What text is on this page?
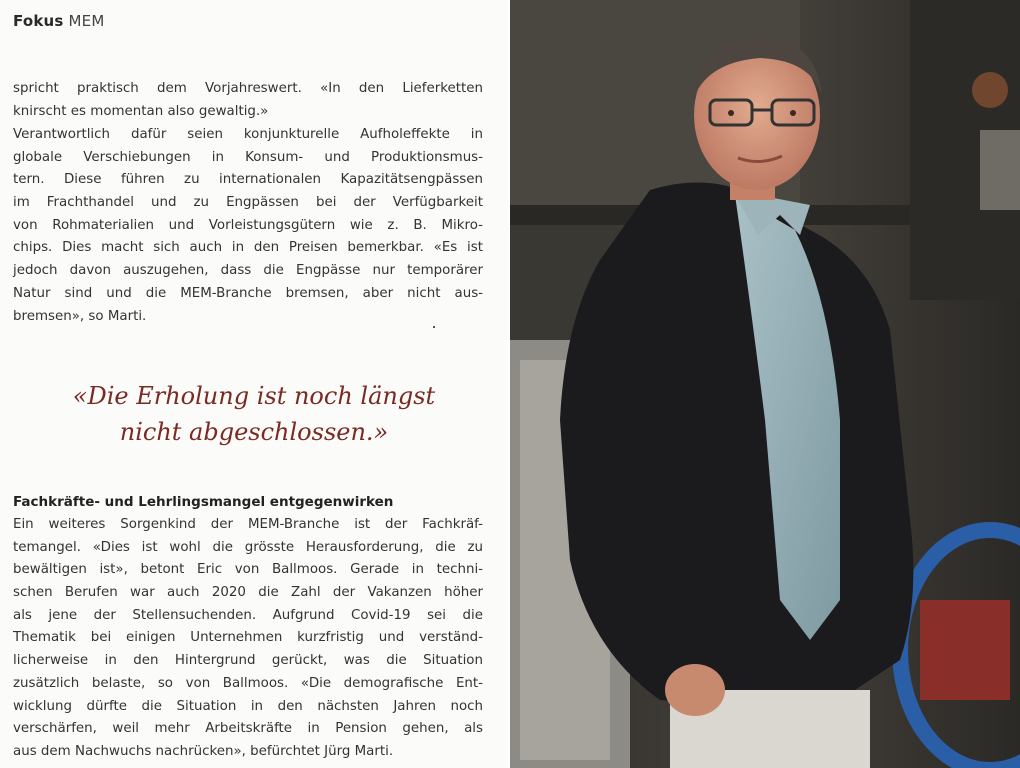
Fokus MEM
spricht praktisch dem Vorjahreswert. «In den Lieferketten
knirscht es momentan also gewaltig.»
Verantwortlich dafür seien konjunkturelle Aufholeffekte in
globale Verschiebungen in Konsum- und Produktionsmus-
tern. Diese führen zu internationalen Kapazitätsengpässen
im Frachthandel und zu Engpässen bei der Verfügbarkeit
von Rohmaterialien und Vorleistungsgütern wie z. B. Mikro-
chips. Dies macht sich auch in den Preisen bemerkbar. «Es ist
jedoch davon auszugehen, dass die Engpässe nur temporärer
Natur sind und die MEM-Branche bremsen, aber nicht aus-
bremsen», so Marti.
«Die Erholung ist noch längst
nicht abgeschlossen.»
Fachkräfte- und Lehrlingsmangel entgegenwirken
Ein weiteres Sorgenkind der MEM-Branche ist der Fachkräf-
temangel. «Dies ist wohl die grösste Herausforderung, die zu
bewältigen ist», betont Eric von Ballmoos. Gerade in techni-
schen Berufen war auch 2020 die Zahl der Vakanzen höher
als jene der Stellensuchenden. Aufgrund Covid-19 sei die
Thematik bei einigen Unternehmen kurzfristig und verständ-
licherweise in den Hintergrund gerückt, was die Situation
zusätzlich belaste, so von Ballmoos. «Die demografische Ent-
wicklung dürfte die Situation in den nächsten Jahren noch
verschärfen, weil mehr Arbeitskräfte in Pension gehen, als
aus dem Nachwuchs nachrücken», befürchtet Jürg Marti.
